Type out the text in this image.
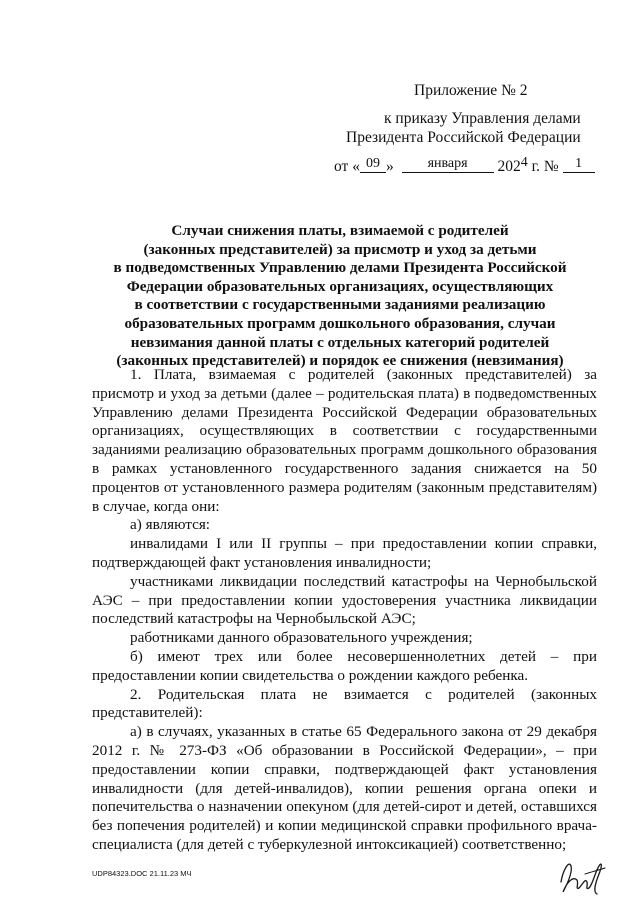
Приложение № 2
к приказу Управления делами
Президента Российской Федерации
от « 09 » января 2024 г. № 1
Случаи снижения платы, взимаемой с родителей
(законных представителей) за присмотр и уход за детьми
в подведомственных Управлению делами Президента Российской
Федерации образовательных организациях, осуществляющих
в соответствии с государственными заданиями реализацию
образовательных программ дошкольного образования, случаи
невзимания данной платы с отдельных категорий родителей
(законных представителей) и порядок ее снижения (невзимания)

1. Плата, взимаемая с родителей (законных представителей) за присмотр и уход за детьми (далее – родительская плата) в подведомственных Управлению делами Президента Российской Федерации образовательных организациях, осуществляющих в соответствии с государственными заданиями реализацию образовательных программ дошкольного образования в рамках установленного государственного задания снижается на 50 процентов от установленного размера родителям (законным представителям) в случае, когда они:

а) являются:

инвалидами I или II группы – при предоставлении копии справки, подтверждающей факт установления инвалидности;

участниками ликвидации последствий катастрофы на Чернобыльской АЭС – при предоставлении копии удостоверения участника ликвидации последствий катастрофы на Чернобыльской АЭС;

работниками данного образовательного учреждения;

б) имеют трех или более несовершеннолетних детей – при предоставлении копии свидетельства о рождении каждого ребенка.

2. Родительская плата не взимается с родителей (законных представителей):

а) в случаях, указанных в статье 65 Федерального закона от 29 декабря 2012 г. № 273-ФЗ «Об образовании в Российской Федерации», – при предоставлении копии справки, подтверждающей факт установления инвалидности (для детей-инвалидов), копии решения органа опеки и попечительства о назначении опекуном (для детей-сирот и детей, оставшихся без попечения родителей) и копии медицинской справки профильного врача-специалиста (для детей с туберкулезной интоксикацией) соответственно;

UDP84323.DOC 21.11.23 МЧ
